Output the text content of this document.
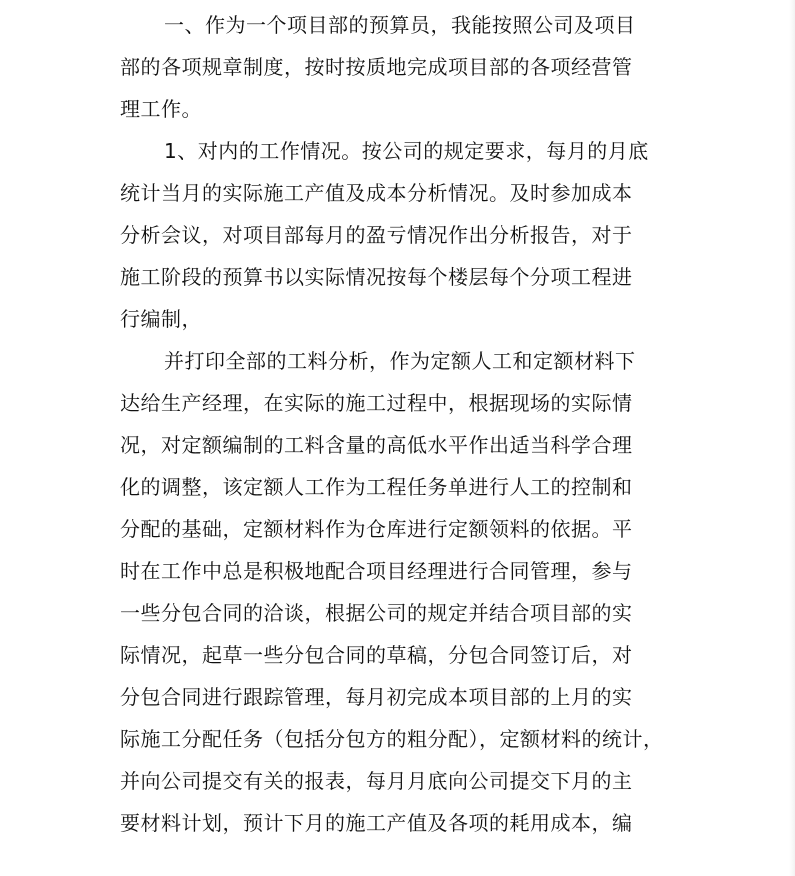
一、作为一个项目部的预算员，我能按照公司及项目
部的各项规章制度，按时按质地完成项目部的各项经营管
理工作。
1、对内的工作情况。按公司的规定要求，每月的月底
统计当月的实际施工产值及成本分析情况。及时参加成本
分析会议，对项目部每月的盈亏情况作出分析报告，对于
施工阶段的预算书以实际情况按每个楼层每个分项工程进
行编制，
并打印全部的工料分析，作为定额人工和定额材料下
达给生产经理，在实际的施工过程中，根据现场的实际情
况，对定额编制的工料含量的高低水平作出适当科学合理
化的调整，该定额人工作为工程任务单进行人工的控制和
分配的基础，定额材料作为仓库进行定额领料的依据。平
时在工作中总是积极地配合项目经理进行合同管理，参与
一些分包合同的洽谈，根据公司的规定并结合项目部的实
际情况，起草一些分包合同的草稿，分包合同签订后，对
分包合同进行跟踪管理，每月初完成本项目部的上月的实
际施工分配任务（包括分包方的粗分配），定额材料的统计，
并向公司提交有关的报表，每月月底向公司提交下月的主
要材料计划，预计下月的施工产值及各项的耗用成本，编
